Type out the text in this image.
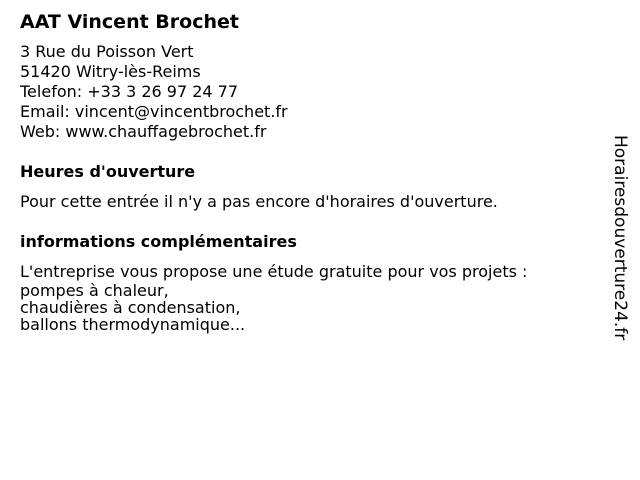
AAT Vincent Brochet
3 Rue du Poisson Vert
51420 Witry-lès-Reims
Telefon: +33 3 26 97 24 77
Email: vincent@vincentbrochet.fr
Web: www.chauffagebrochet.fr
Heures d'ouverture
Pour cette entrée il n'y a pas encore d'horaires d'ouverture.
informations complémentaires
L'entreprise vous propose une étude gratuite pour vos projets :
pompes à chaleur,
chaudières à condensation,
ballons thermodynamique...	Horairesdouverture24.fr
